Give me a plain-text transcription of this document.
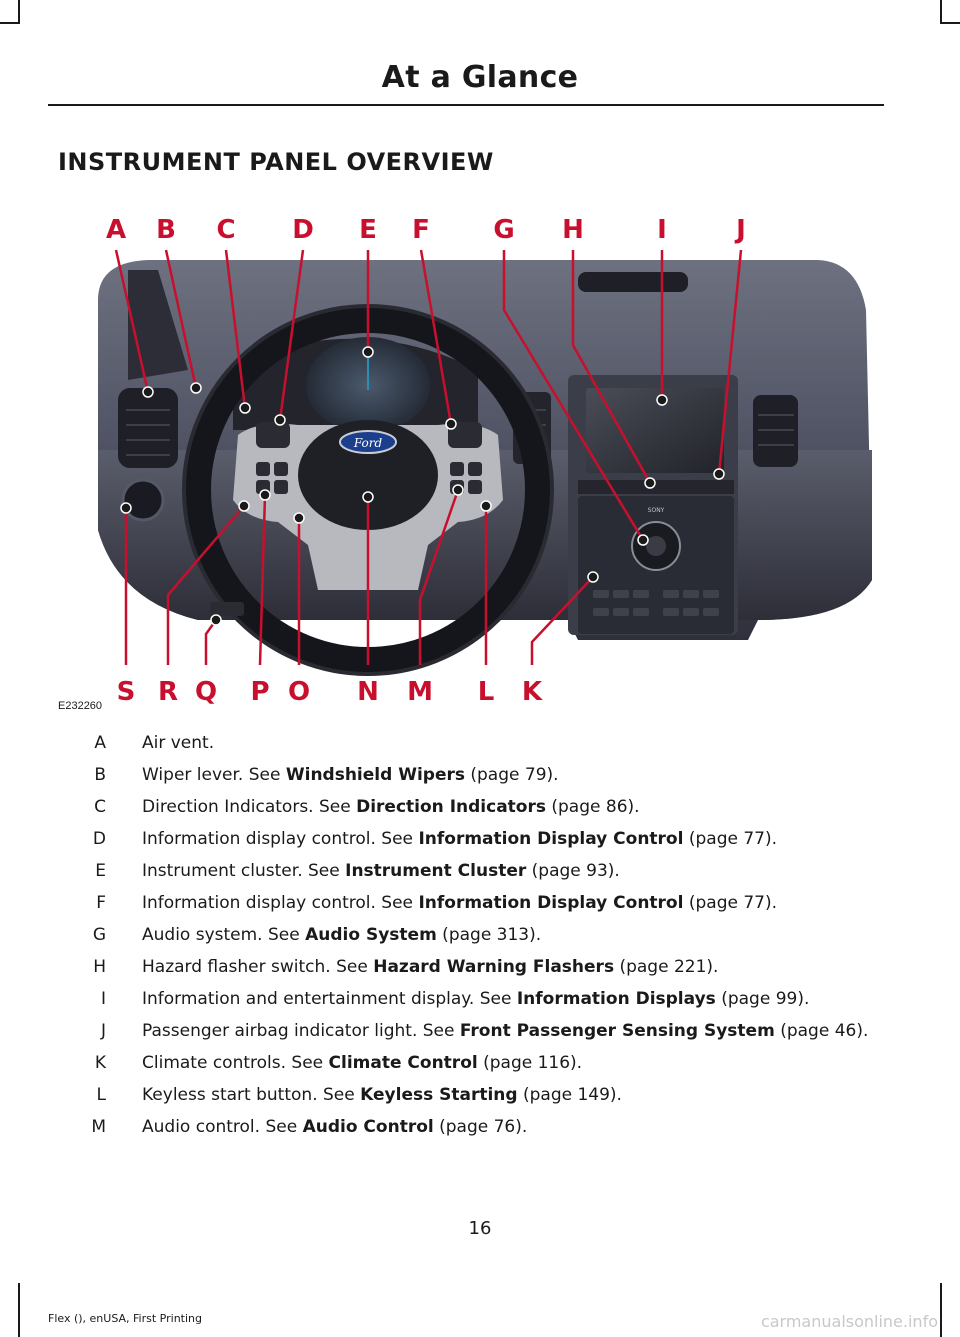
At a Glance
INSTRUMENT PANEL OVERVIEW
Ford
SONY
A B C D E F G H	I	J
S R Q P O N M L K
E232260
A Air vent.
B Wiper lever. See Windshield Wipers (page 79).
C Direction Indicators. See Direction Indicators (page 86).
D Information display control. See Information Display Control (page 77).
E Instrument cluster. See Instrument Cluster (page 93).
F Information display control. See Information Display Control (page 77).
G Audio system. See Audio System (page 313).
H Hazard flasher switch. See Hazard Warning Flashers (page 221).
I Information and entertainment display. See Information Displays (page 99).
J Passenger airbag indicator light. See Front Passenger Sensing System (page 46).
K Climate controls. See Climate Control (page 116).
L Keyless start button. See Keyless Starting (page 149).
M Audio control. See Audio Control (page 76).
16
Flex (), enUSA, First Printing	carmanualsonline.info
